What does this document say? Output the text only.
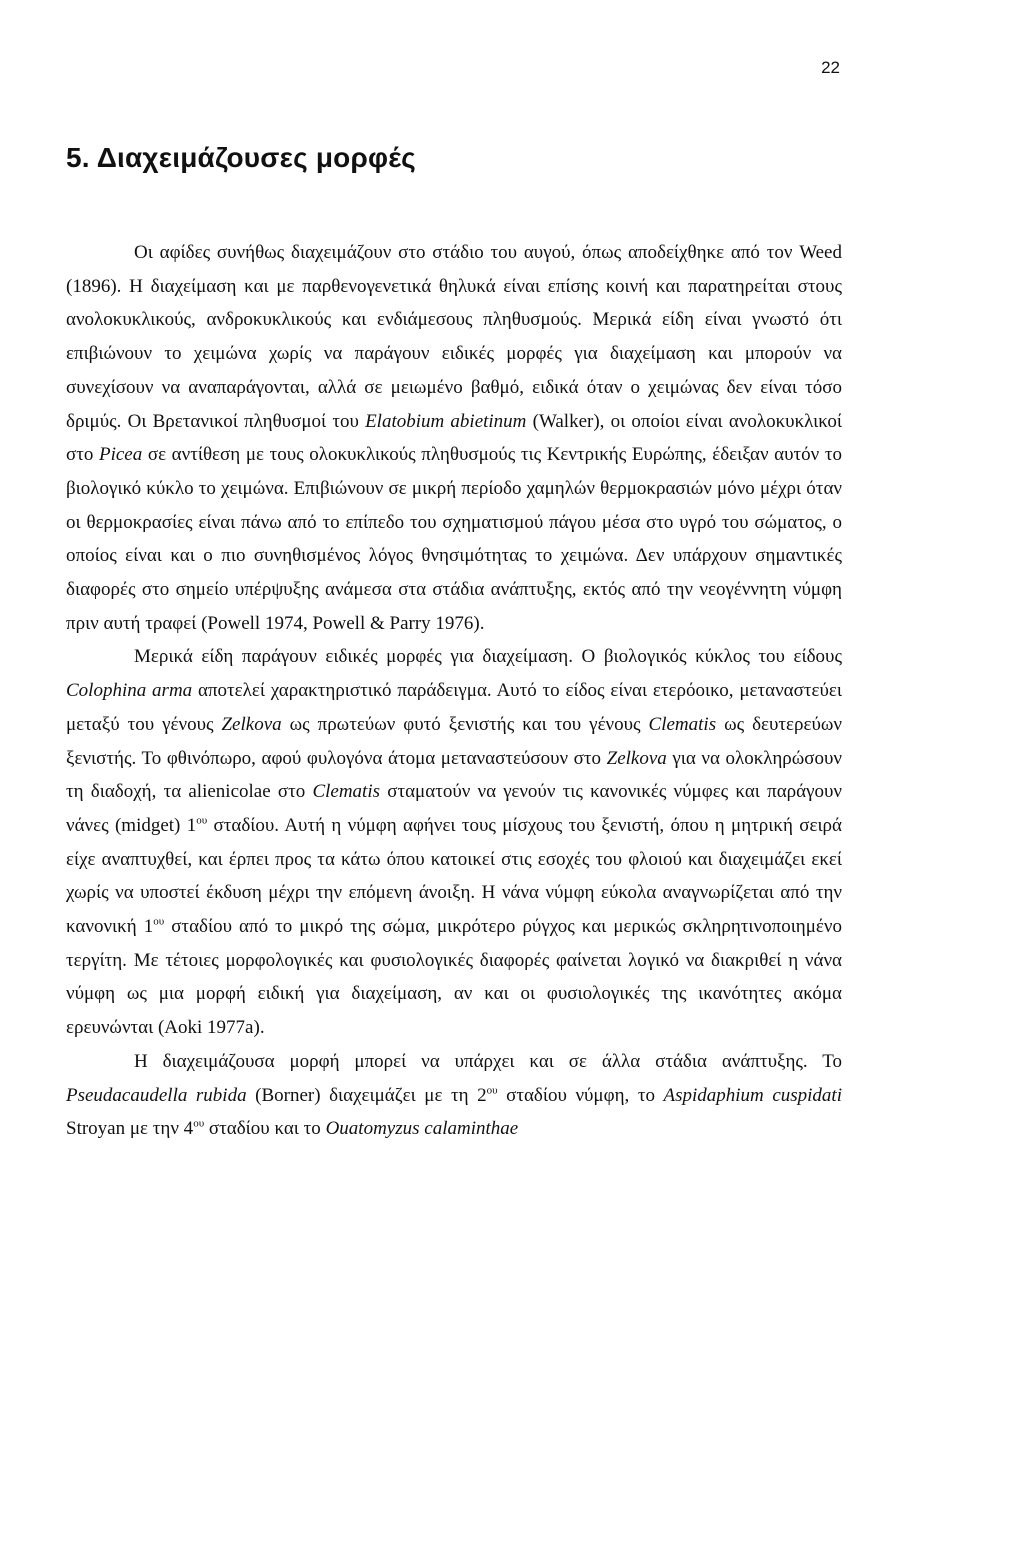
22
5. Διαχειμάζουσες μορφές

Οι αφίδες συνήθως διαχειμάζουν στο στάδιο του αυγού, όπως αποδείχθηκε από τον Weed (1896). Η διαχείμαση και με παρθενογενετικά θηλυκά είναι επίσης κοινή και παρατηρείται στους ανολοκυκλικούς, ανδροκυκλικούς και ενδιάμεσους πληθυσμούς. Μερικά είδη είναι γνωστό ότι επιβιώνουν το χειμώνα χωρίς να παράγουν ειδικές μορφές για διαχείμαση και μπορούν να συνεχίσουν να αναπαράγονται, αλλά σε μειωμένο βαθμό, ειδικά όταν ο χειμώνας δεν είναι τόσο δριμύς. Οι Βρετανικοί πληθυσμοί του Elatobium abietinum (Walker), οι οποίοι είναι ανολοκυκλικοί στο Picea σε αντίθεση με τους ολοκυκλικούς πληθυσμούς τις Κεντρικής Ευρώπης, έδειξαν αυτόν το βιολογικό κύκλο το χειμώνα. Επιβιώνουν σε μικρή περίοδο χαμηλών θερμοκρασιών μόνο μέχρι όταν οι θερμοκρασίες είναι πάνω από το επίπεδο του σχηματισμού πάγου μέσα στο υγρό του σώματος, ο οποίος είναι και ο πιο συνηθισμένος λόγος θνησιμότητας το χειμώνα. Δεν υπάρχουν σημαντικές διαφορές στο σημείο υπέρψυξης ανάμεσα στα στάδια ανάπτυξης, εκτός από την νεογέννητη νύμφη πριν αυτή τραφεί (Powell 1974, Powell & Parry 1976).

Μερικά είδη παράγουν ειδικές μορφές για διαχείμαση. Ο βιολογικός κύκλος του είδους Colophina arma αποτελεί χαρακτηριστικό παράδειγμα. Αυτό το είδος είναι ετερόοικο, μεταναστεύει μεταξύ του γένους Zelkova ως πρωτεύων φυτό ξενιστής και του γένους Clematis ως δευτερεύων ξενιστής. Το φθινόπωρο, αφού φυλογόνα άτομα μεταναστεύσουν στο Zelkova για να ολοκληρώσουν τη διαδοχή, τα alienicolae στο Clematis σταματούν να γενούν τις κανονικές νύμφες και παράγουν νάνες (midget) $1^{o\upsilon}$ σταδίου. Αυτή η νύμφη αφήνει τους μίσχους του ξενιστή, όπου η μητρική σειρά είχε αναπτυχθεί, και έρπει προς τα κάτω όπου κατοικεί στις εσοχές του φλοιού και διαχειμάζει εκεί χωρίς να υποστεί έκδυση μέχρι την επόμενη άνοιξη. Η νάνα νύμφη εύκολα αναγνωρίζεται από την κανονική $1^{o\upsilon}$ σταδίου από το μικρό της σώμα, μικρότερο ρύγχος και μερικώς σκληρητινοποιημένο τεργίτη. Με τέτοιες μορφολογικές και φυσιολογικές διαφορές φαίνεται λογικό να διακριθεί η νάνα νύμφη ως μια μορφή ειδική για διαχείμαση, αν και οι φυσιολογικές της ικανότητες ακόμα ερευνώνται (Aoki 1977a).

Η διαχειμάζουσα μορφή μπορεί να υπάρχει και σε άλλα στάδια ανάπτυξης. Το Pseudacaudella rubida (Borner) διαχειμάζει με τη $2^{o\upsilon}$ σταδίου νύμφη, το Aspidaphium cuspidati Stroyan με την $4^{o\upsilon}$ σταδίου και το Ouatomyzus calaminthae
